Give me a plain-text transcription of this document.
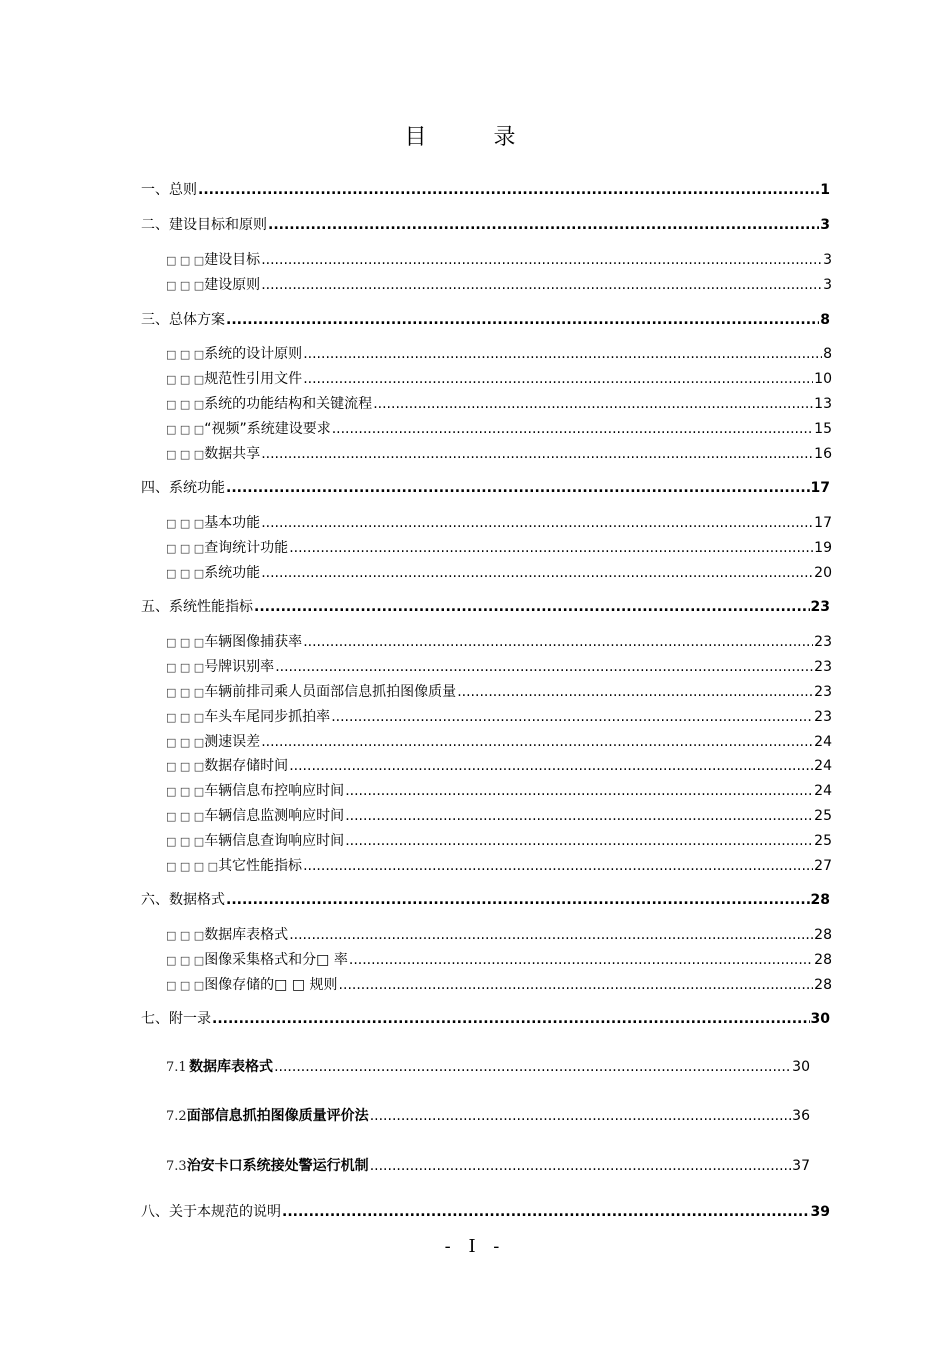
目 录
一、 总则 .....	1
二、 建设目标和原则 .....	3
□ □ □ 建设目标 .....	3
□ □ □ 建设原则 .....	3
三、 总体方案 .....	8
□ □ □ 系统的设计原则 .....	8
□ □ □ 规范性引用文件 .....	10
□ □ □ 系统的功能结构和关键流程 .....	13
□ □ □ “视频”系统建设要求 .....	15
□ □ □ 数据共享 .....	16
四、 系统功能 .....	17
□ □ □ 基本功能 .....	17
□ □ □ 查询统计功能 .....	19
□ □ □ 系统功能 .....	20
五、 系统性能指标 .....	23
□ □ □ 车辆图像捕获率 .....	23
□ □ □ 号牌识别率 .....	23
□ □ □ 车辆前排司乘人员面部信息抓拍图像质量 .....	23
□ □ □ 车头车尾同步抓拍率 .....	23
□ □ □ 测速误差 .....	24
□ □ □ 数据存储时间 .....	24
□ □ □ 车辆信息布控响应时间 .....	24
□ □ □ 车辆信息监测响应时间 .....	25
□ □ □ 车辆信息查询响应时间 .....	25
□ □ □ □ 其它性能指标 .....	27
六、 数据格式 .....	28
□ □ □ 数据库表格式 .....	28
□ □ □ 图像采集格式和分□ 率 .....	28
□ □ □ 图像存储的□ □ 规则 .....	28
七、 附一录 .....	30
7.1 数据库表格式 .....	30
7.2 面部信息抓拍图像质量评价法 .....	36
7.3 治安卡口系统接处警运行机制 .....	37
八、 关于本规范的说明 .....	39
- I -
